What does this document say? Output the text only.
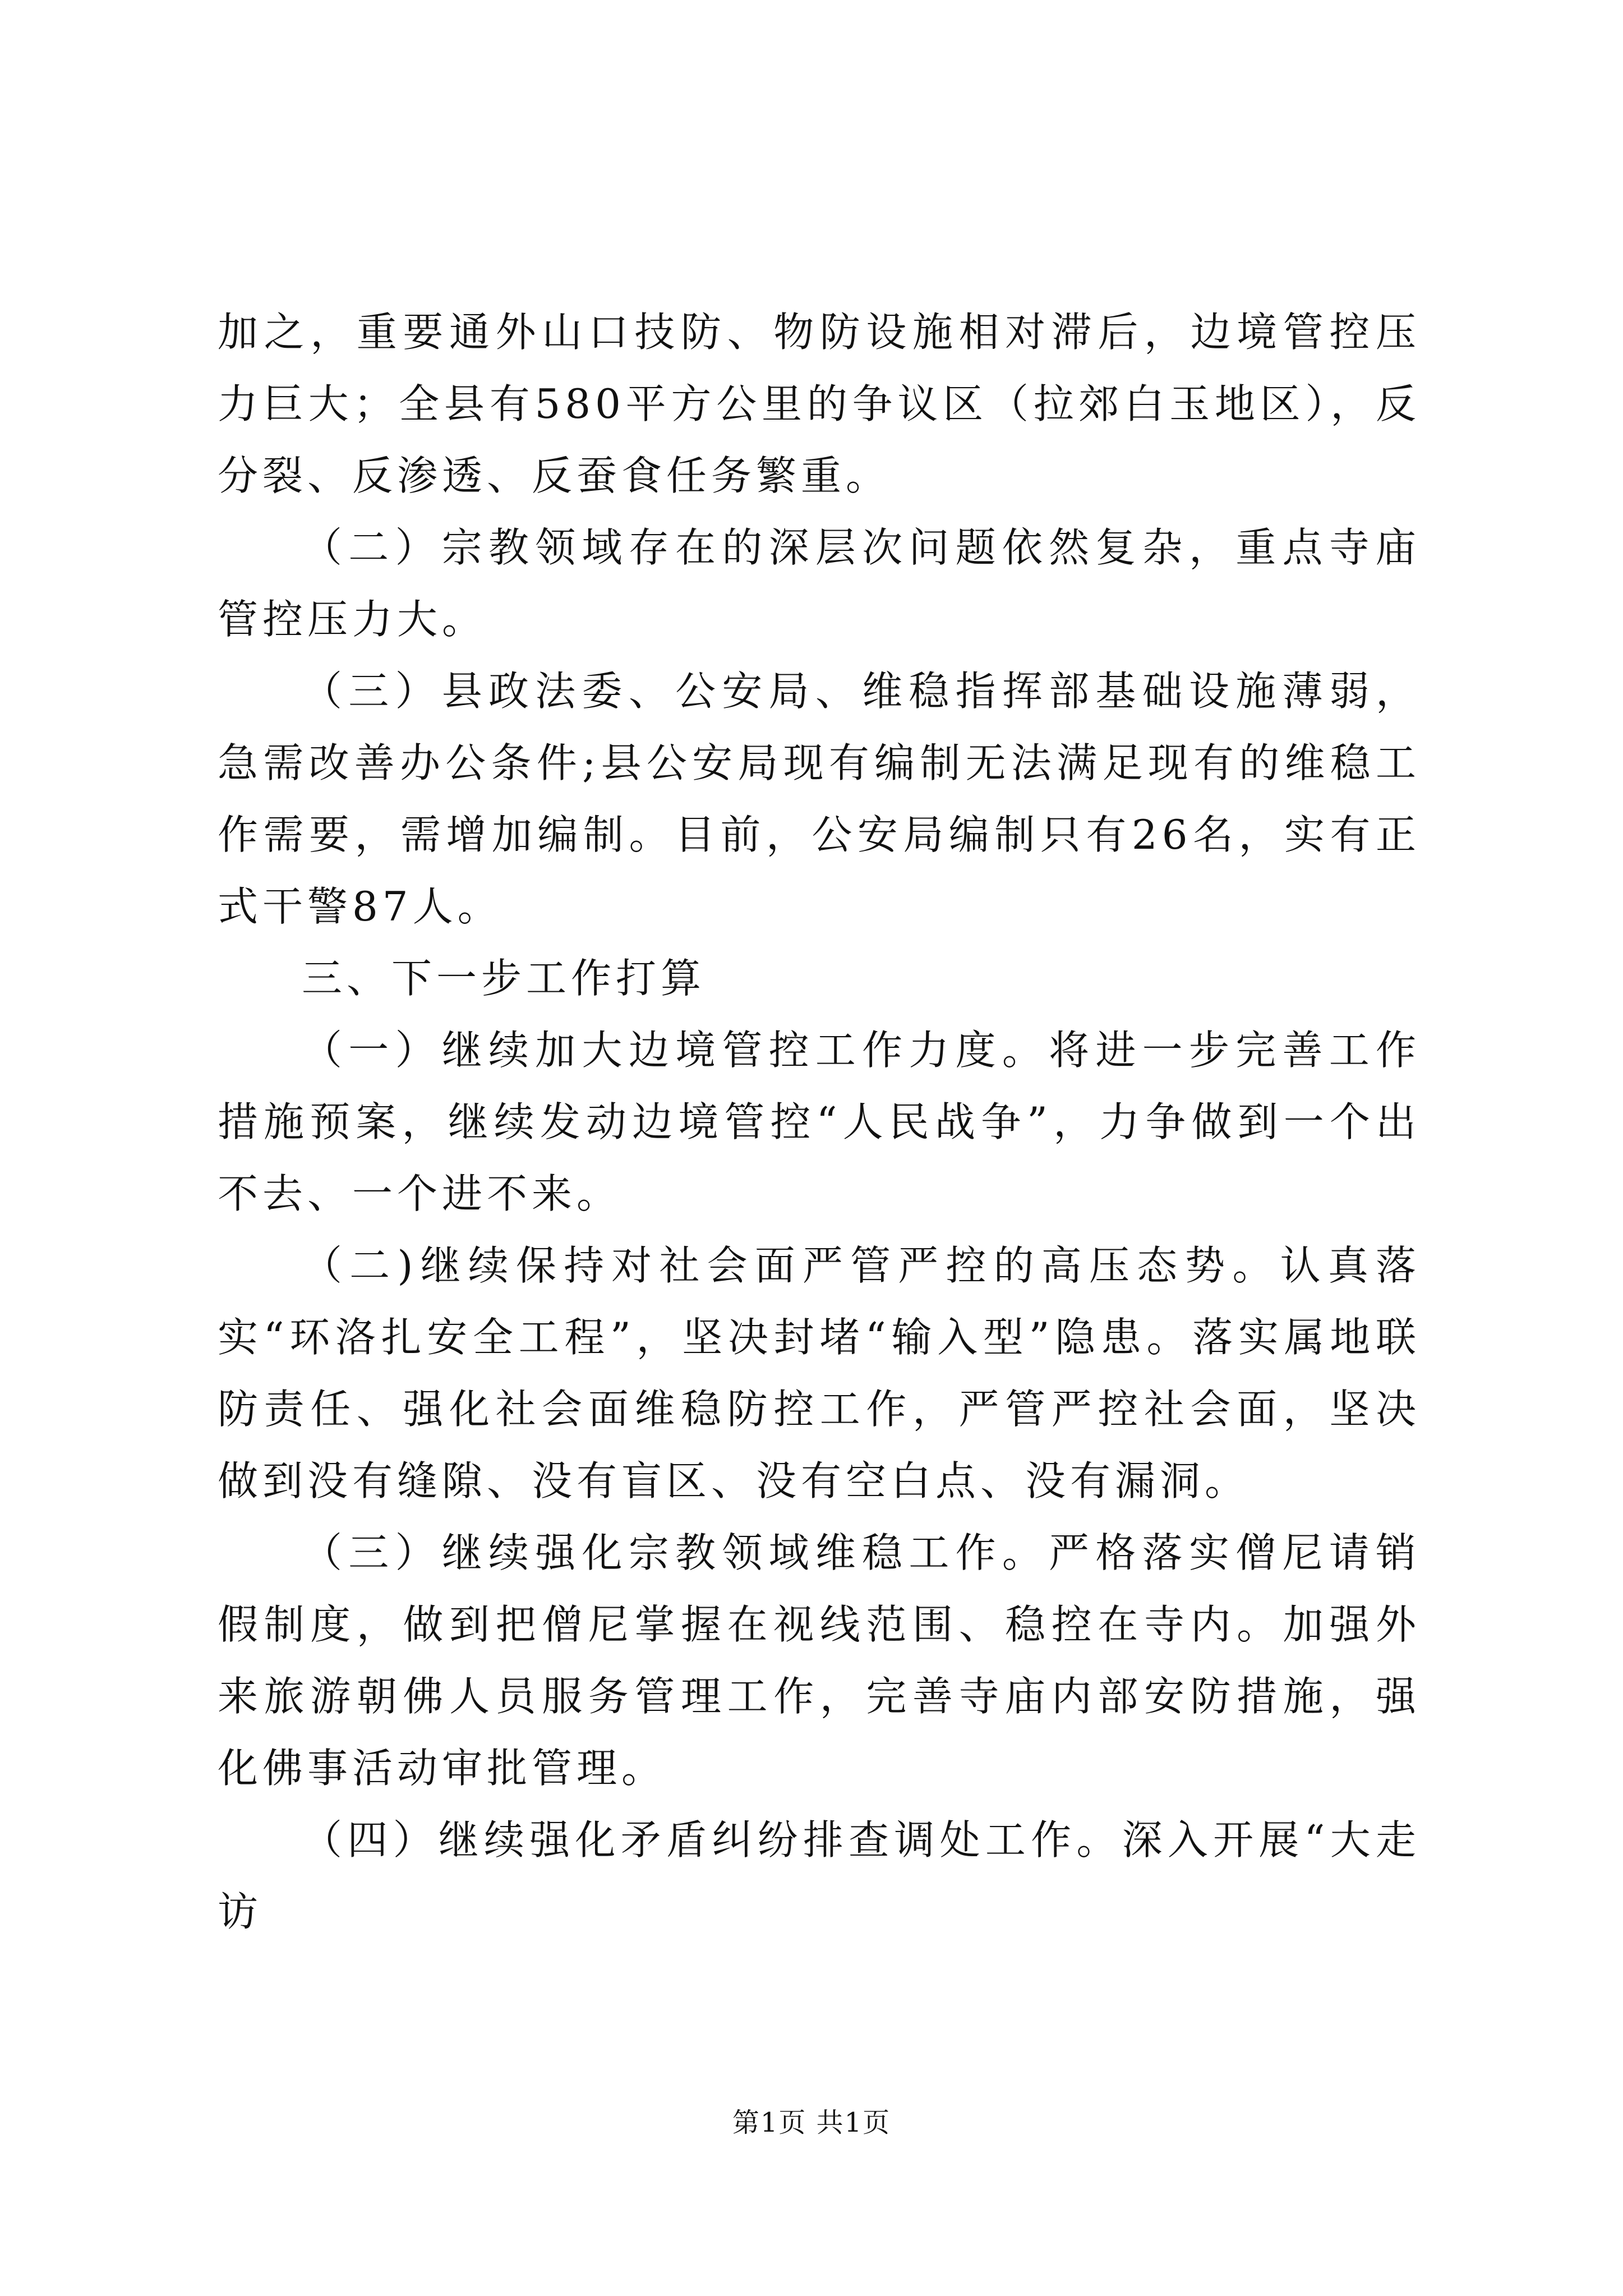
加之，重要通外山口技防、物防设施相对滞后，边境管控压力巨大；全县有580平方公里的争议区（拉郊白玉地区），反分裂、反渗透、反蚕食任务繁重。

（二）宗教领域存在的深层次问题依然复杂，重点寺庙管控压力大。

（三）县政法委、公安局、维稳指挥部基础设施薄弱，急需改善办公条件;县公安局现有编制无法满足现有的维稳工作需要，需增加编制。目前，公安局编制只有26名，实有正式干警87人。

三、下一步工作打算

（一）继续加大边境管控工作力度。将进一步完善工作措施预案，继续发动边境管控“人民战争”，力争做到一个出不去、一个进不来。

（二)继续保持对社会面严管严控的高压态势。认真落实“环洛扎安全工程”，坚决封堵“输入型”隐患。落实属地联防责任、强化社会面维稳防控工作，严管严控社会面，坚决做到没有缝隙、没有盲区、没有空白点、没有漏洞。

（三）继续强化宗教领域维稳工作。严格落实僧尼请销假制度，做到把僧尼掌握在视线范围、稳控在寺内。加强外来旅游朝佛人员服务管理工作，完善寺庙内部安防措施，强化佛事活动审批管理。

（四）继续强化矛盾纠纷排查调处工作。深入开展“大走访

第1页 共1页
